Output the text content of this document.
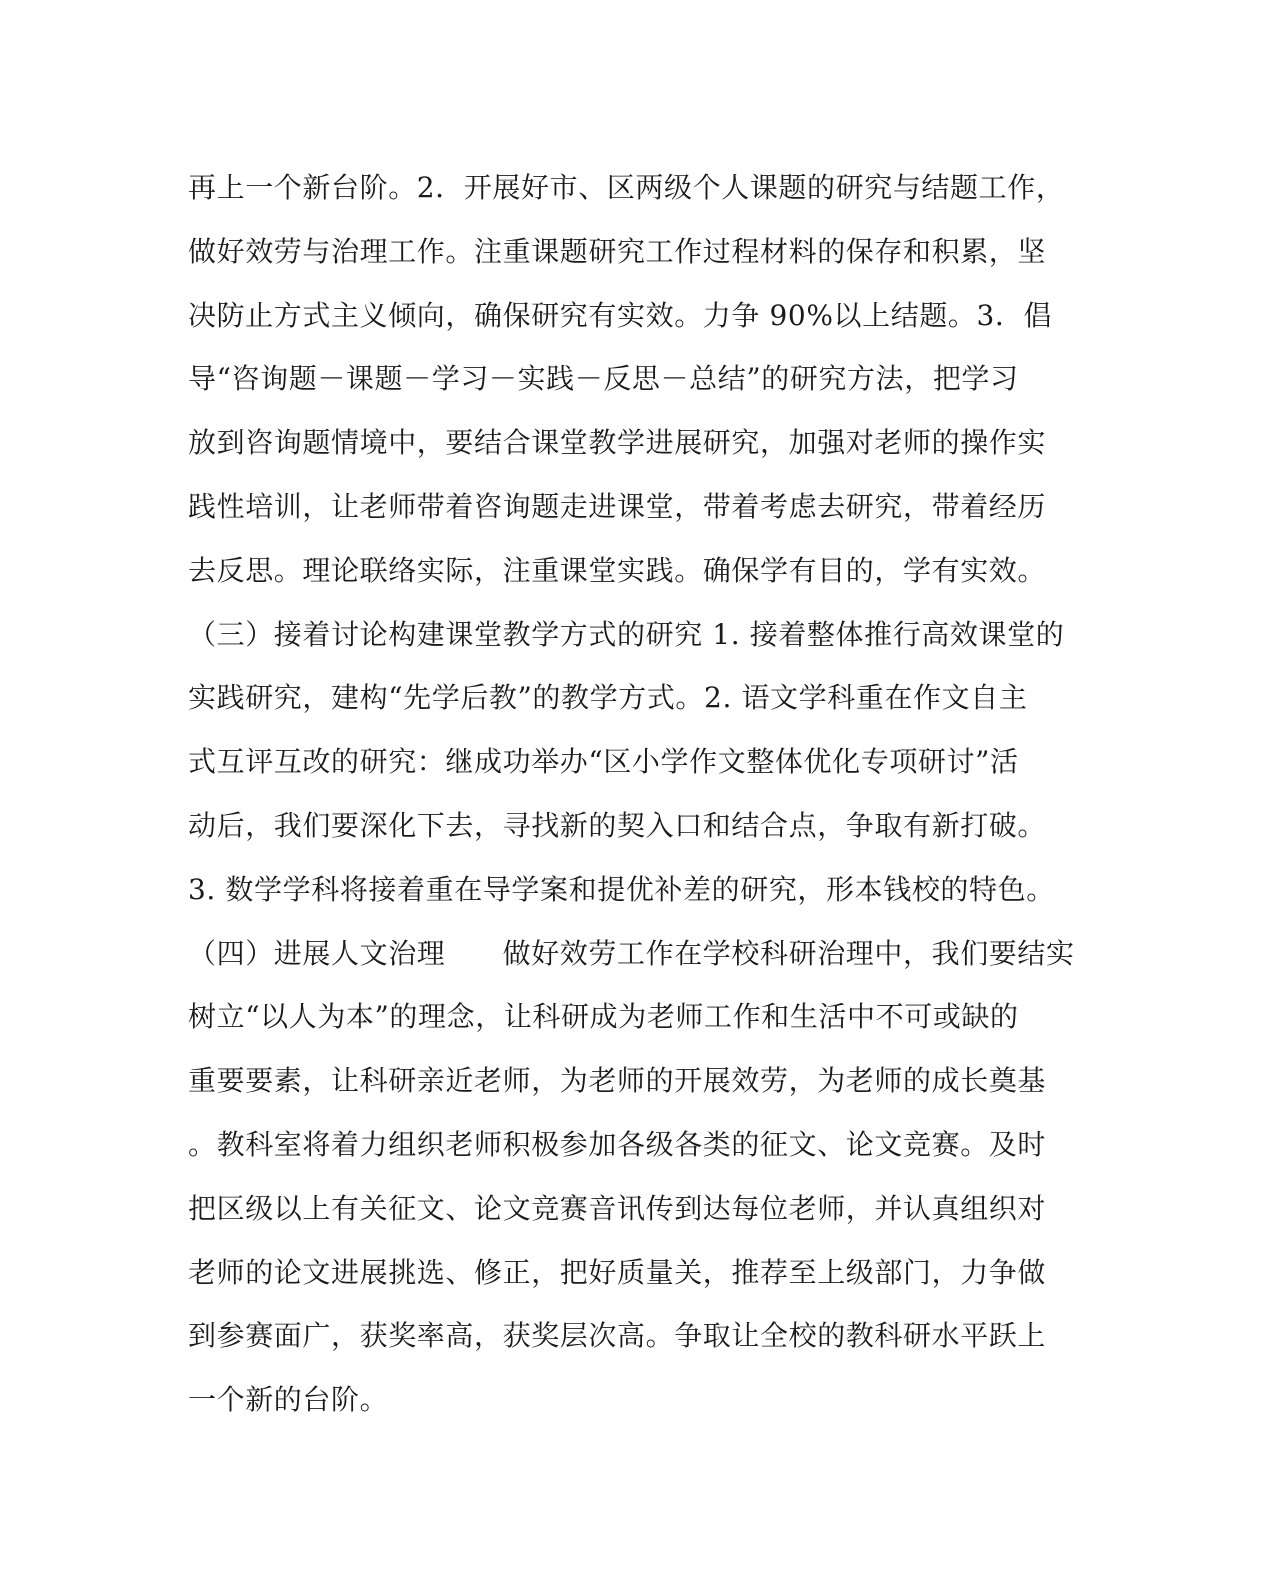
再上一个新台阶。2．开展好市、区两级个人课题的研究与结题工作，
做好效劳与治理工作。注重课题研究工作过程材料的保存和积累，坚
决防止方式主义倾向，确保研究有实效。力争 90%以上结题。3．倡
导“咨询题－课题－学习－实践－反思－总结”的研究方法，把学习
放到咨询题情境中，要结合课堂教学进展研究，加强对老师的操作实
践性培训，让老师带着咨询题走进课堂，带着考虑去研究，带着经历
去反思。理论联络实际，注重课堂实践。确保学有目的，学有实效。
（三）接着讨论构建课堂教学方式的研究 1. 接着整体推行高效课堂的
实践研究，建构“先学后教”的教学方式。2. 语文学科重在作文自主
式互评互改的研究：继成功举办“区小学作文整体优化专项研讨”活
动后，我们要深化下去，寻找新的契入口和结合点，争取有新打破。
3. 数学学科将接着重在导学案和提优补差的研究，形本钱校的特色。
（四）进展人文治理　　做好效劳工作在学校科研治理中，我们要结实
树立“以人为本”的理念，让科研成为老师工作和生活中不可或缺的
重要要素，让科研亲近老师，为老师的开展效劳，为老师的成长奠基
。教科室将着力组织老师积极参加各级各类的征文、论文竞赛。及时
把区级以上有关征文、论文竞赛音讯传到达每位老师，并认真组织对
老师的论文进展挑选、修正，把好质量关，推荐至上级部门，力争做
到参赛面广，获奖率高，获奖层次高。争取让全校的教科研水平跃上
一个新的台阶。
